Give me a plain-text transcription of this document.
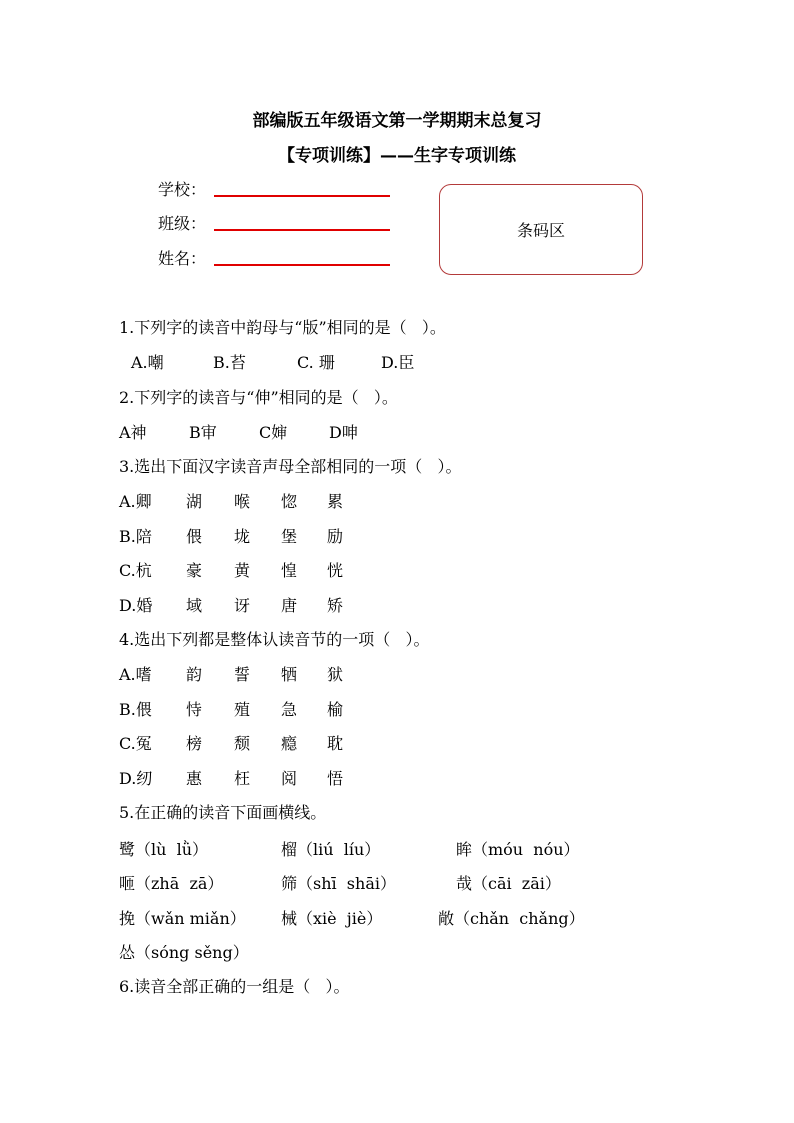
部编版五年级语文第一学期期末总复习
【专项训练】——生字专项训练
学校：
班级：
姓名：
条码区
1.下列字的读音中韵母与“版”相同的是（   ）。
A.嘲	B.苔	C. 珊	D.臣
2.下列字的读音与“伸”相同的是（   ）。
A神	B审	C婶	D呻
3.选出下面汉字读音声母全部相同的一项（   ）。
A.卿 湖 喉 惚 累
B.陪 偎 垅 堡 励
C.杭 豪 黄 惶 恍
D.婚 域 讶 唐 矫
4.选出下列都是整体认读音节的一项（   ）。
A.嗜 韵 誓 牺 狱
B.偎 恃 殖 急 榆
C.冤 榜 颓 瘾 耽
D.纫 惠 枉 阅 悟
5.在正确的读音下面画横线。
鹭（lù  lǜ）	榴（liú  líu）	眸（móu  nóu）
咂（zhā  zā）	筛（shī  shāi）	哉（cāi  zāi）
挽（wǎn miǎn） 械（xiè  jiè）	敞（chǎn  chǎng）
怂（sóng sěng）
6.读音全部正确的一组是（   ）。
